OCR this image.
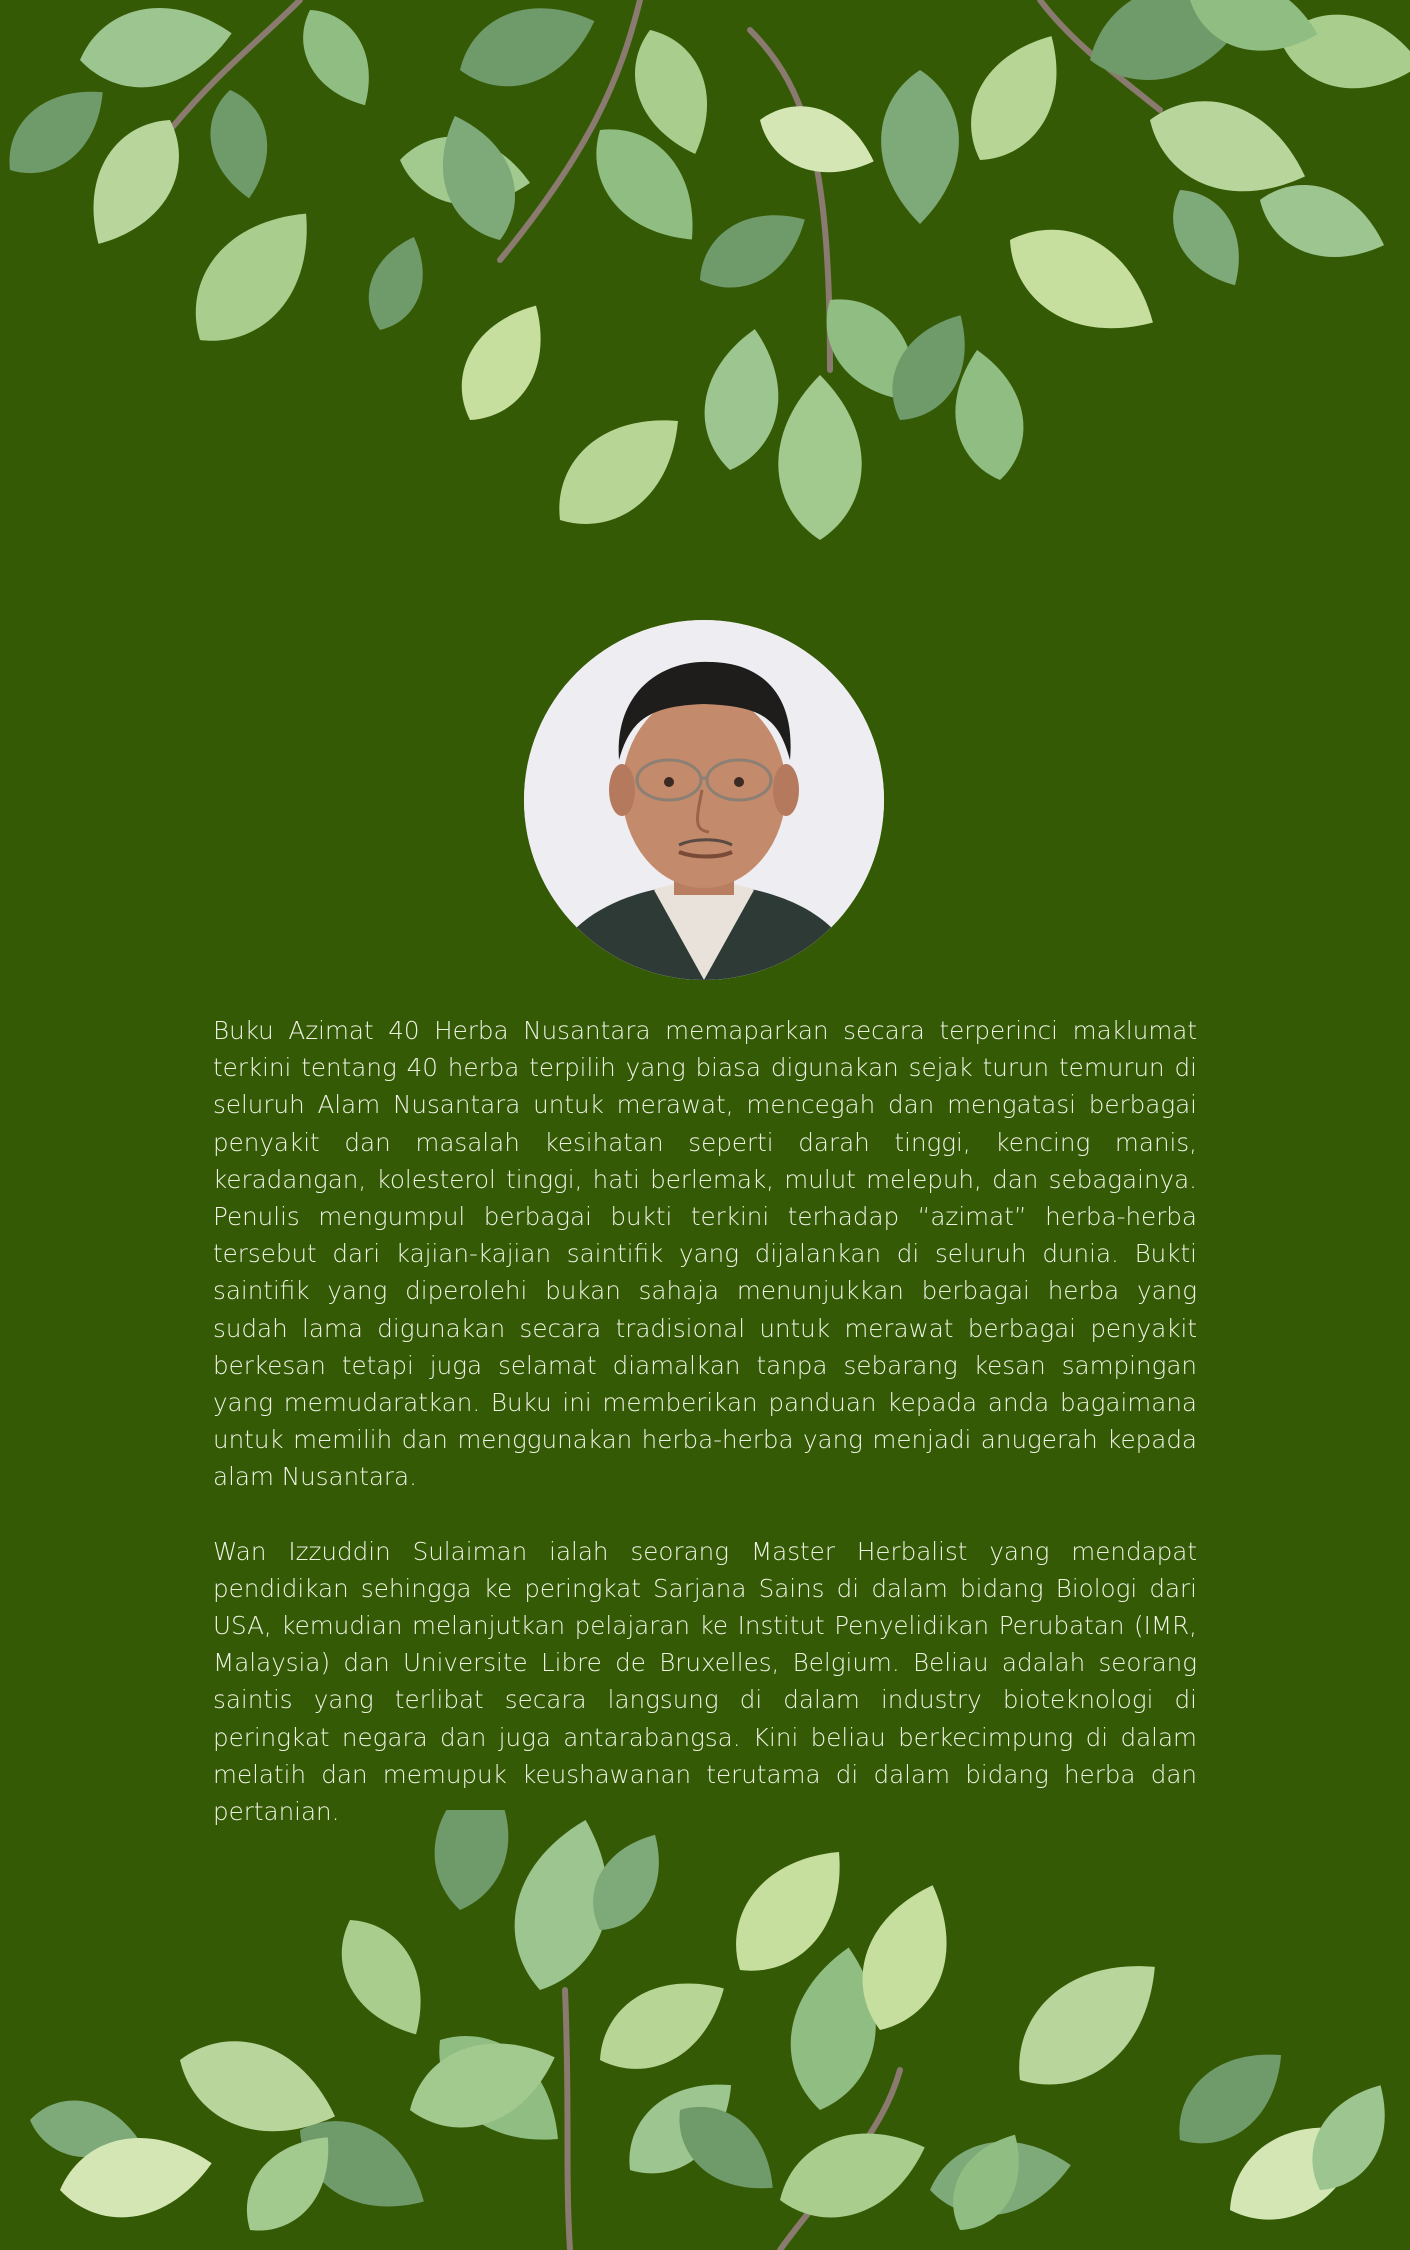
Buku Azimat 40 Herba Nusantara memaparkan secara terperinci maklumat terkini tentang 40 herba terpilih yang biasa digunakan sejak turun temurun di seluruh Alam Nusantara untuk merawat, mencegah dan mengatasi berbagai penyakit dan masalah kesihatan seperti darah tinggi, kencing manis, keradangan, kolesterol tinggi, hati berlemak, mulut melepuh, dan sebagainya. Penulis mengumpul berbagai bukti terkini terhadap “azimat” herba-herba tersebut dari kajian-kajian saintifik yang dijalankan di seluruh dunia. Bukti saintifik yang diperolehi bukan sahaja menunjukkan berbagai herba yang sudah lama digunakan secara tradisional untuk merawat berbagai penyakit berkesan tetapi juga selamat diamalkan tanpa sebarang kesan sampingan yang memudaratkan. Buku ini memberikan panduan kepada anda bagaimana untuk memilih dan menggunakan herba-herba yang menjadi anugerah kepada alam Nusantara.

Wan Izzuddin Sulaiman ialah seorang Master Herbalist yang mendapat pendidikan sehingga ke peringkat Sarjana Sains di dalam bidang Biologi dari USA, kemudian melanjutkan pelajaran ke Institut Penyelidikan Perubatan (IMR, Malaysia) dan Universite Libre de Bruxelles, Belgium. Beliau adalah seorang saintis yang terlibat secara langsung di dalam industry bioteknologi di peringkat negara dan juga antarabangsa. Kini beliau berkecimpung di dalam melatih dan memupuk keushawanan terutama di dalam bidang herba dan pertanian.
